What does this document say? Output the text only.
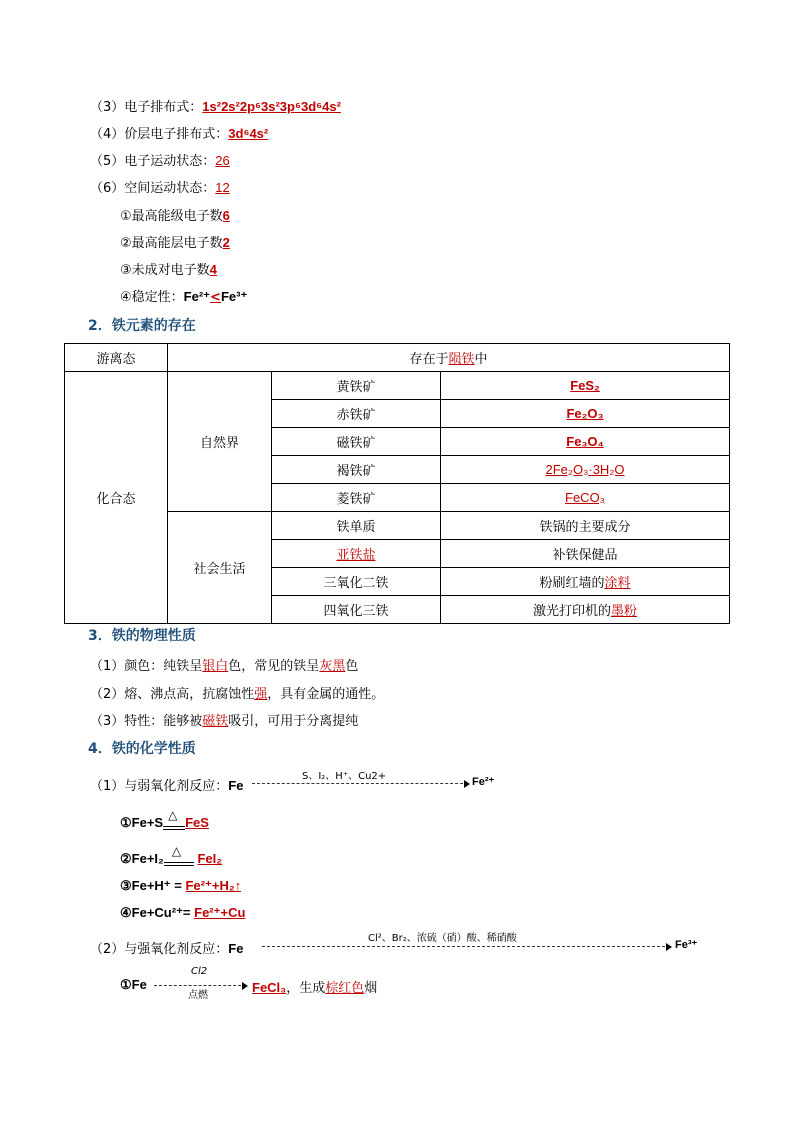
（3）电子排布式：1s²2s²2p⁶3s²3p⁶3d⁶4s²
（4）价层电子排布式：3d⁶4s²
（5）电子运动状态：26
（6）空间运动状态：12
①最高能级电子数6
②最高能层电子数2
③未成对电子数4
④稳定性：Fe²⁺<Fe³⁺
2．铁元素的存在
游离态	存在于陨铁中		
化合态	自然界	黄铁矿	FeS₂
		赤铁矿	Fe₂O₃
		磁铁矿	Fe₃O₄
		褐铁矿	2Fe₂O₃·3H₂O
		菱铁矿	FeCO₃
	社会生活	铁单质	铁锅的主要成分
		亚铁盐	补铁保健品
		三氧化二铁	粉刷红墙的涂料
		四氧化三铁	激光打印机的墨粉
3．铁的物理性质
（1）颜色：纯铁呈银白色，常见的铁呈灰黑色
（2）熔、沸点高，抗腐蚀性强，具有金属的通性。
（3）特性：能够被磁铁吸引，可用于分离提纯
4．铁的化学性质
（1）与弱氧化剂反应：Fe
S、I₂、H⁺、Cu2+	Fe²⁺
①Fe+S △ FeS
②Fe+I₂ △ FeI₂
③Fe+H⁺ = Fe²⁺+H₂↑
④Fe+Cu²⁺= Fe²⁺+Cu
（2）与强氧化剂反应：Fe
Cl²、Br₂、浓硫（硝）酸、稀硝酸
Fe³⁺
①Fe
Cl2
点燃
FeCl₃，生成棕红色烟
